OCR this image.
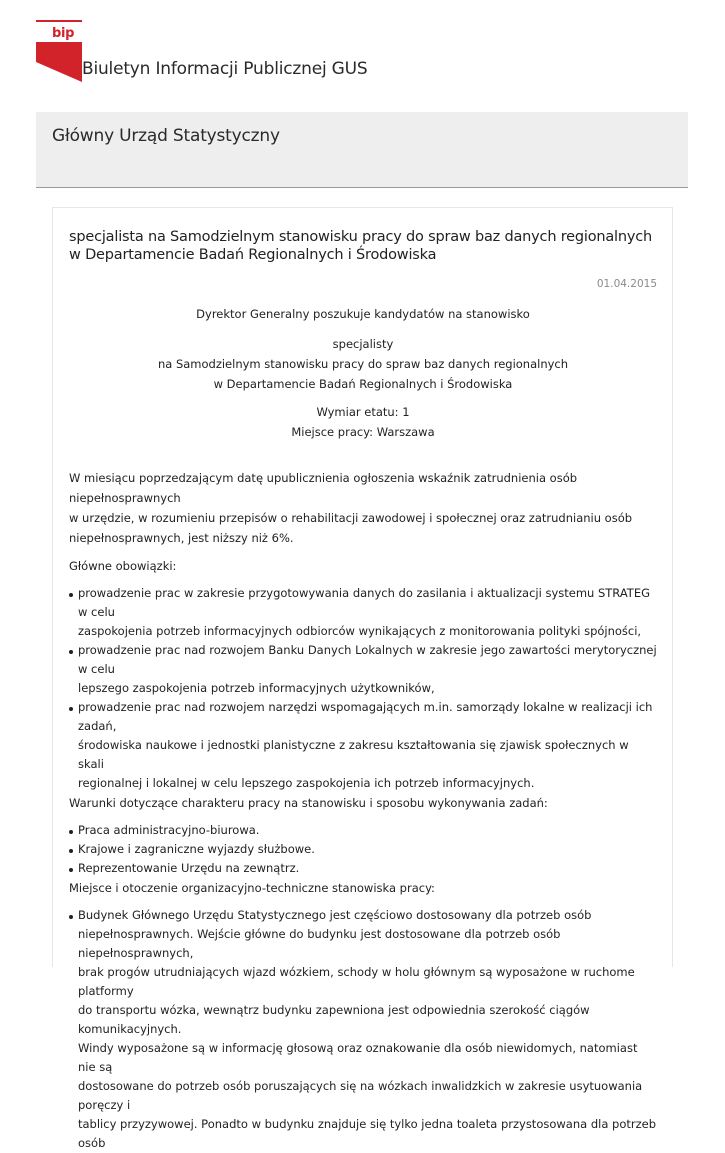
bip
Biuletyn Informacji Publicznej GUS
Główny Urząd Statystyczny
specjalista na Samodzielnym stanowisku pracy do spraw baz danych regionalnych
w Departamencie Badań Regionalnych i Środowiska
01.04.2015
Dyrektor Generalny poszukuje kandydatów na stanowisko
specjalisty
na Samodzielnym stanowisku pracy do spraw baz danych regionalnych
w Departamencie Badań Regionalnych i Środowiska
Wymiar etatu: 1
Miejsce pracy: Warszawa
W miesiącu poprzedzającym datę upublicznienia ogłoszenia wskaźnik zatrudnienia osób niepełnosprawnych
w urzędzie, w rozumieniu przepisów o rehabilitacji zawodowej i społecznej oraz zatrudnianiu osób
niepełnosprawnych, jest niższy niż 6%.
Główne obowiązki:
prowadzenie prac w zakresie przygotowywania danych do zasilania i aktualizacji systemu STRATEG w celu
zaspokojenia potrzeb informacyjnych odbiorców wynikających z monitorowania polityki spójności,
prowadzenie prac nad rozwojem Banku Danych Lokalnych w zakresie jego zawartości merytorycznej w celu
lepszego zaspokojenia potrzeb informacyjnych użytkowników,
prowadzenie prac nad rozwojem narzędzi wspomagających m.in. samorządy lokalne w realizacji ich zadań,
środowiska naukowe i jednostki planistyczne z zakresu kształtowania się zjawisk społecznych w skali
regionalnej i lokalnej w celu lepszego zaspokojenia ich potrzeb informacyjnych.
Warunki dotyczące charakteru pracy na stanowisku i sposobu wykonywania zadań:
Praca administracyjno-biurowa.
Krajowe i zagraniczne wyjazdy służbowe.
Reprezentowanie Urzędu na zewnątrz.
Miejsce i otoczenie organizacyjno-techniczne stanowiska pracy:
Budynek Głównego Urzędu Statystycznego jest częściowo dostosowany dla potrzeb osób
niepełnosprawnych. Wejście główne do budynku jest dostosowane dla potrzeb osób niepełnosprawnych,
brak progów utrudniających wjazd wózkiem, schody w holu głównym są wyposażone w ruchome platformy
do transportu wózka, wewnątrz budynku zapewniona jest odpowiednia szerokość ciągów komunikacyjnych.
Windy wyposażone są w informację głosową oraz oznakowanie dla osób niewidomych, natomiast nie są
dostosowane do potrzeb osób poruszających się na wózkach inwalidzkich w zakresie usytuowania poręczy i
tablicy przyzywowej. Ponadto w budynku znajduje się tylko jedna toaleta przystosowana dla potrzeb osób
